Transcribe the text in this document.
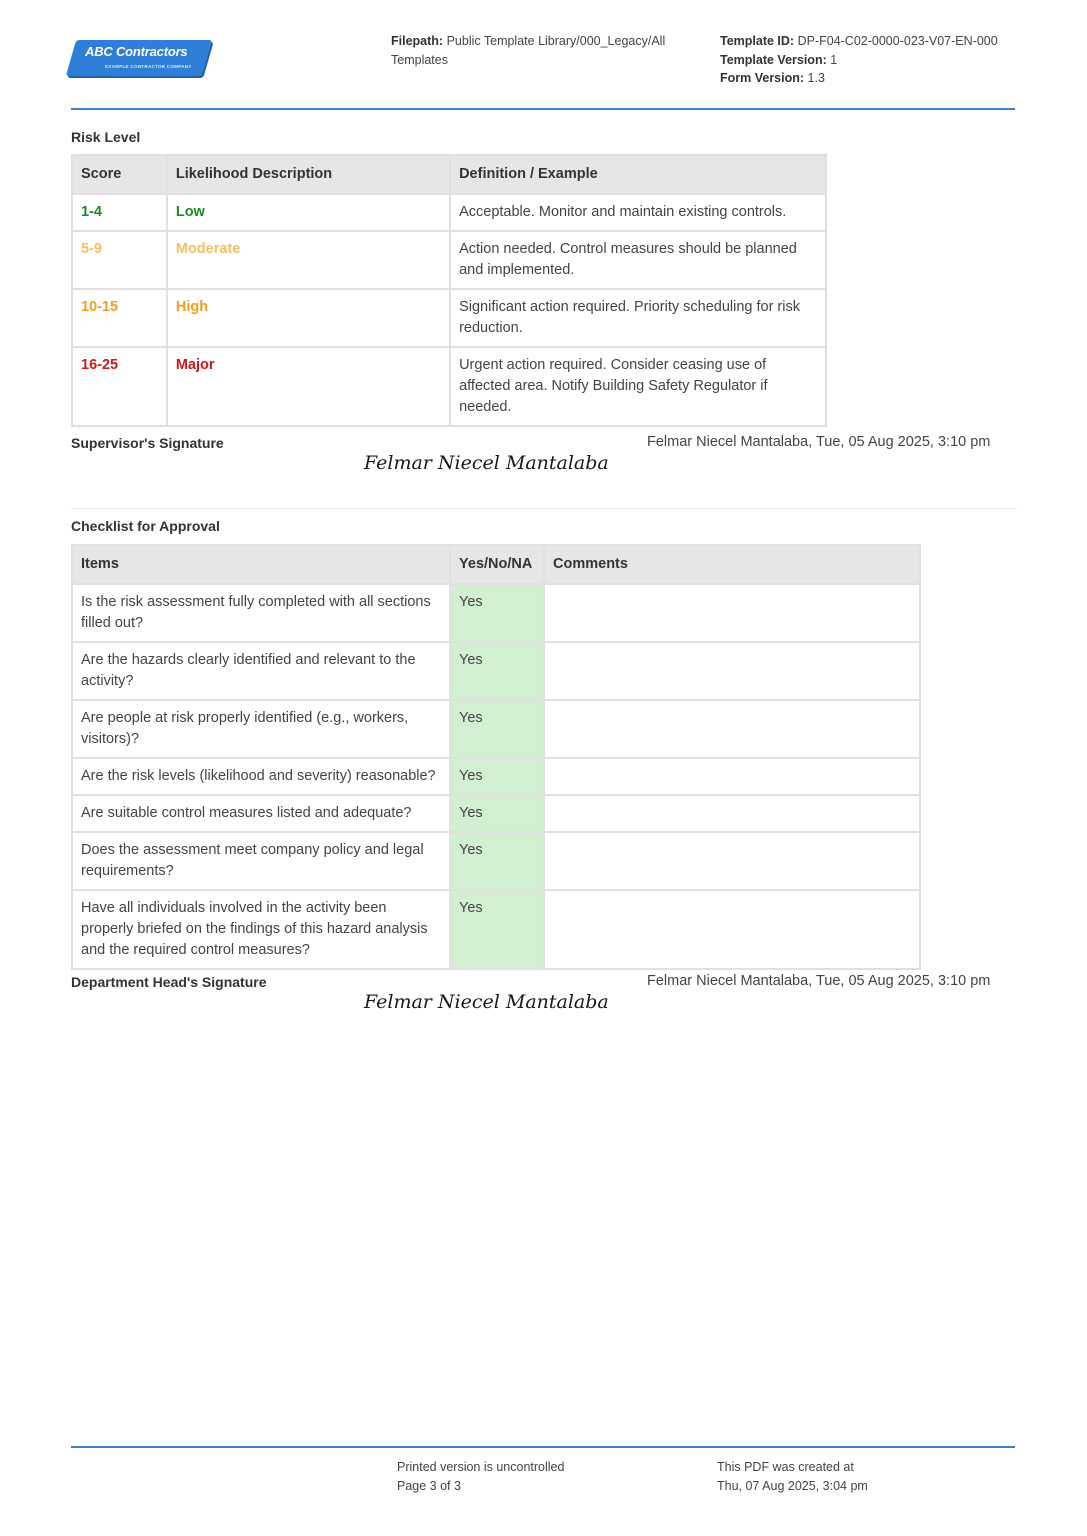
ABC Contractors
EXAMPLE CONTRACTOR COMPANY
Filepath: Public Template Library/000_Legacy/All Templates
Template ID: DP-F04-C02-0000-023-V07-EN-000
Template Version: 1
Form Version: 1.3
Risk Level
Score	Likelihood Description	Definition / Example
1-4	Low	Acceptable. Monitor and maintain existing controls.
5-9	Moderate	Action needed. Control measures should be planned and implemented.
10-15	High	Significant action required. Priority scheduling for risk reduction.
16-25	Major	Urgent action required. Consider ceasing use of affected area. Notify Building Safety Regulator if needed.
Supervisor's Signature
Felmar Niecel Mantalaba
Felmar Niecel Mantalaba, Tue, 05 Aug 2025, 3:10 pm
Checklist for Approval
Items	Yes/No/NA	Comments
Is the risk assessment fully completed with all sections filled out?	Yes	
Are the hazards clearly identified and relevant to the activity?	Yes	
Are people at risk properly identified (e.g., workers, visitors)?	Yes	
Are the risk levels (likelihood and severity) reasonable?	Yes	
Are suitable control measures listed and adequate?	Yes	
Does the assessment meet company policy and legal requirements?	Yes	
Have all individuals involved in the activity been properly briefed on the findings of this hazard analysis and the required control measures?	Yes	
Department Head's Signature
Felmar Niecel Mantalaba
Felmar Niecel Mantalaba, Tue, 05 Aug 2025, 3:10 pm
Printed version is uncontrolled
Page 3 of 3
This PDF was created at
Thu, 07 Aug 2025, 3:04 pm
